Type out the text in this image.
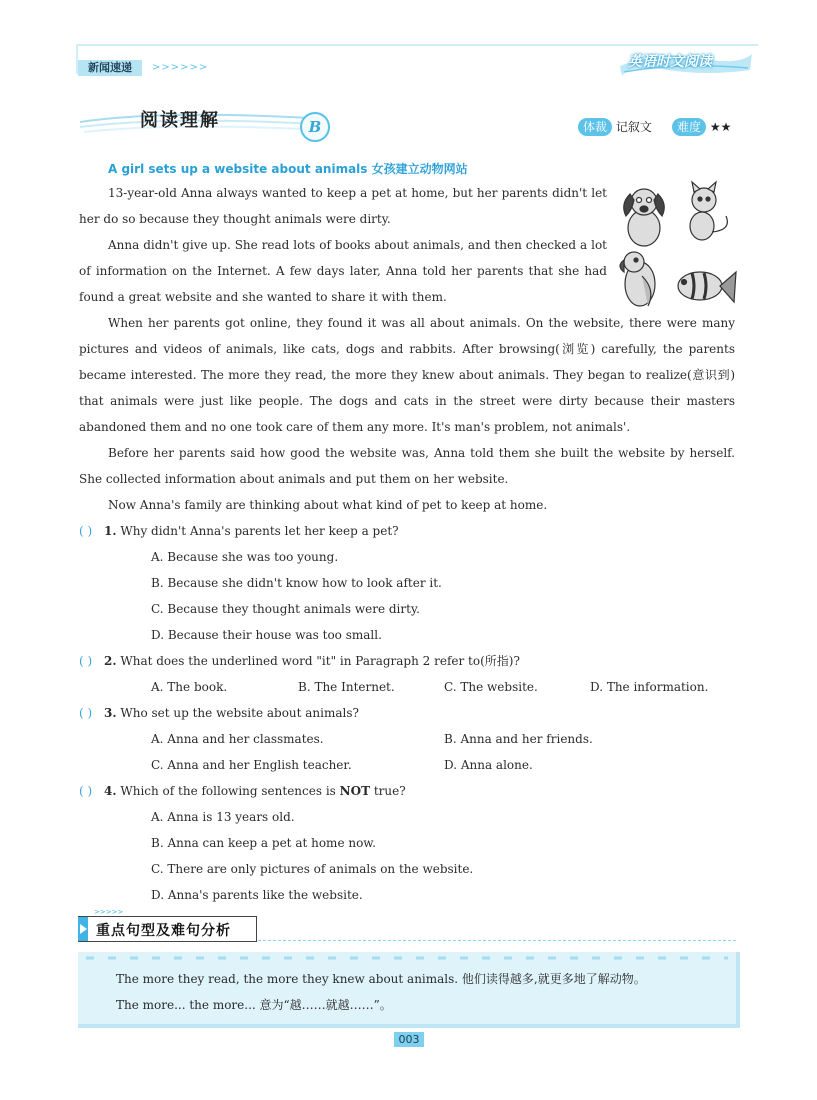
新闻速递	>>>>>>	英语时文阅读
阅读理解	B	体裁 记叙文	难度 ★★
A girl sets up a website about animals 女孩建立动物网站
13-year-old Anna always wanted to keep a pet at home, but her parents didn't let her do so because they thought animals were dirty.
Anna didn't give up. She read lots of books about animals, and then checked a lot of information on the Internet. A few days later, Anna told her parents that she had found a great website and she wanted to share it with them.
When her parents got online, they found it was all about animals. On the website, there were many pictures and videos of animals, like cats, dogs and rabbits. After browsing(浏览) carefully, the parents became interested. The more they read, the more they knew about animals. They began to realize(意识到) that animals were just like people. The dogs and cats in the street were dirty because their masters abandoned them and no one took care of them any more. It's man's problem, not animals'.
Before her parents said how good the website was, Anna told them she built the website by herself. She collected information about animals and put them on her website.
Now Anna's family are thinking about what kind of pet to keep at home.
( ) 1. Why didn't Anna's parents let her keep a pet?
A. Because she was too young.
B. Because she didn't know how to look after it.
C. Because they thought animals were dirty.
D. Because their house was too small.
( ) 2. What does the underlined word "it" in Paragraph 2 refer to(所指)?
A. The book.	B. The Internet.	C. The website.	D. The information.
( ) 3. Who set up the website about animals?
A. Anna and her classmates.	B. Anna and her friends.
C. Anna and her English teacher.	D. Anna alone.
( ) 4. Which of the following sentences is NOT true?
A. Anna is 13 years old.
B. Anna can keep a pet at home now.
C. There are only pictures of animals on the website.
D. Anna's parents like the website.
>>>>>
重点句型及难句分析
The more they read, the more they knew about animals. 他们读得越多,就更多地了解动物。
The more... the more... 意为“越……就越……”。
003
